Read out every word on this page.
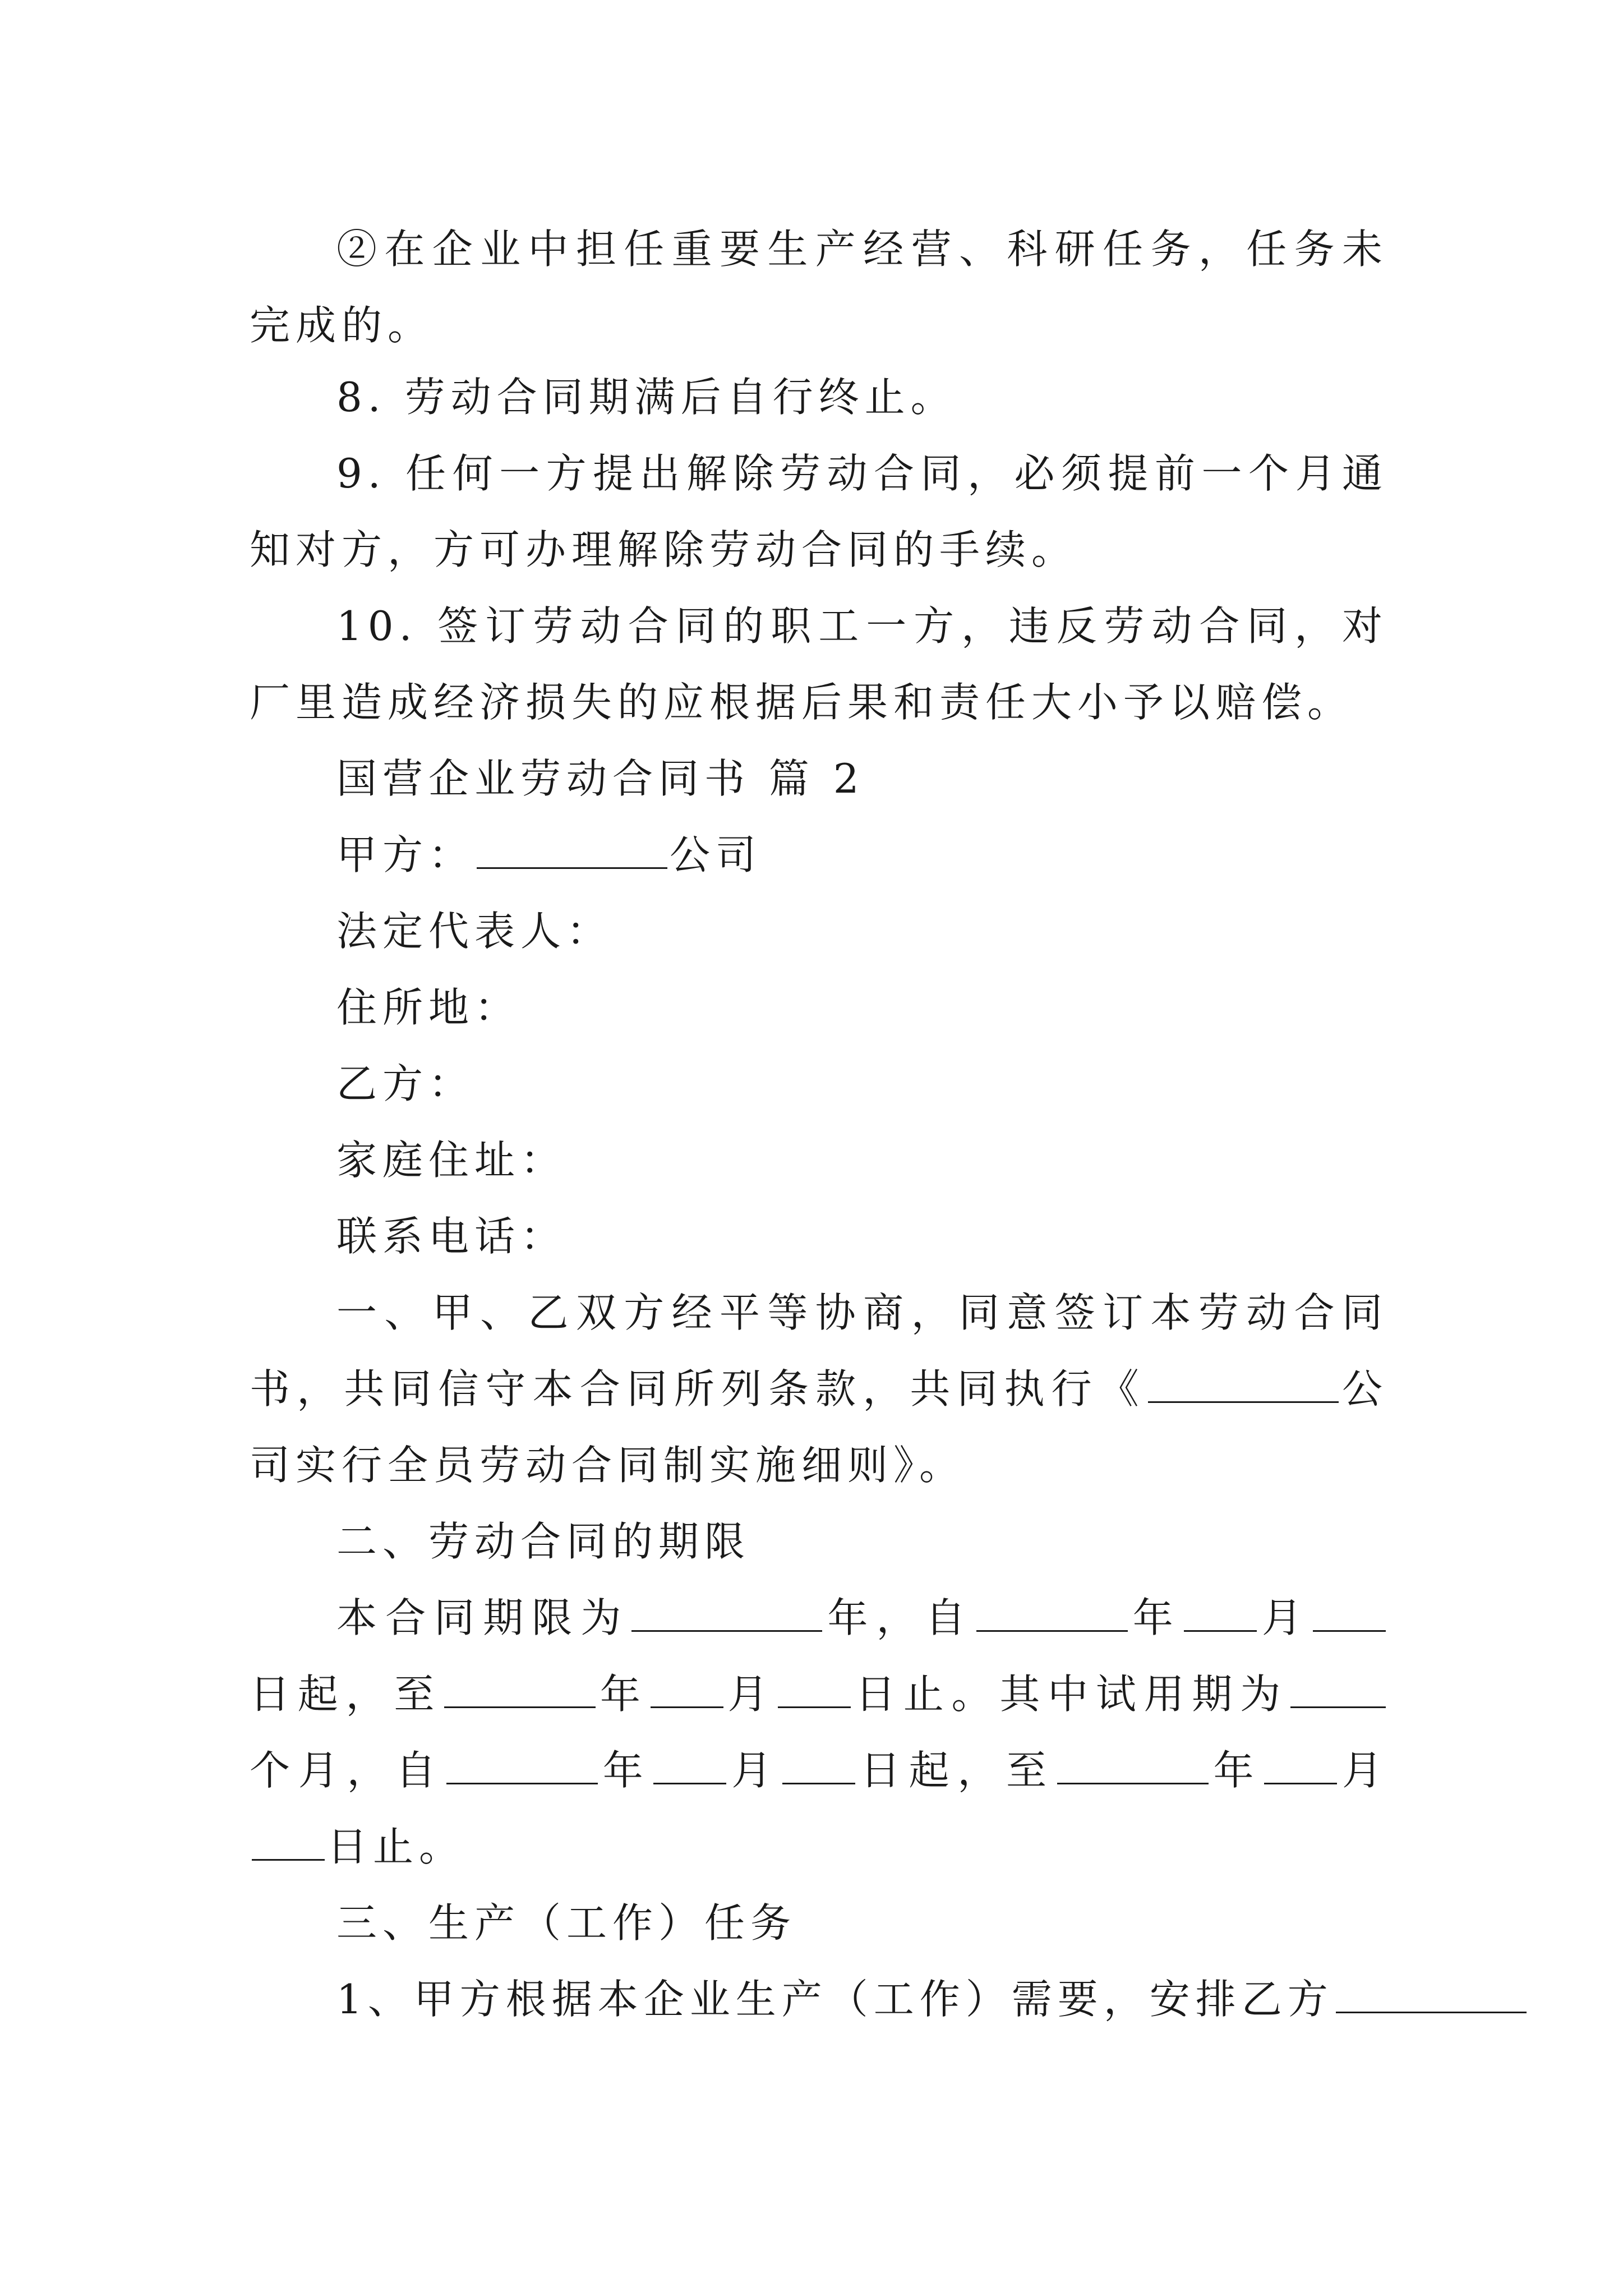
②在企业中担任重要生产经营、科研任务，任务未完成的。
8. 劳动合同期满后自行终止。
9. 任何一方提出解除劳动合同，必须提前一个月通知对方，方可办理解除劳动合同的手续。
10. 签订劳动合同的职工一方，违反劳动合同，对厂里造成经济损失的应根据后果和责任大小予以赔偿。
国营企业劳动合同书 篇 2
甲方：	公司
法定代表人：
住所地：
乙方：
家庭住址：
联系电话：
一、甲、乙双方经平等协商，同意签订本劳动合同书，共同信守本合同所列条款，共同执行《	公司实行全员劳动合同制实施细则》。
二、劳动合同的期限
本合同期限为	年，自	年 月日起，至	年 月 日止。其中试用期为个月，自	年 月 日起，至	年 月日止。
三、生产（工作）任务
1、甲方根据本企业生产（工作）需要，安排乙方
